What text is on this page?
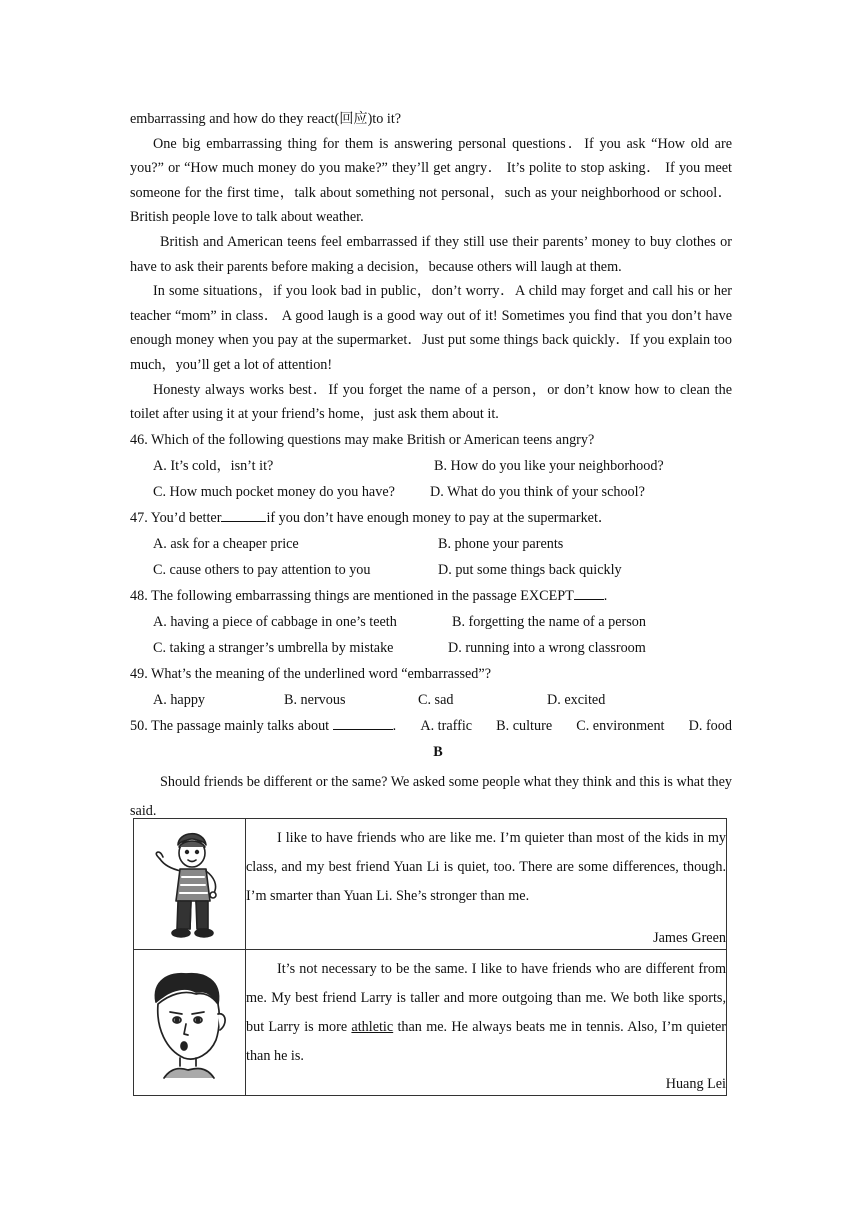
embarrassing and how do they react(回应)to it?

One big embarrassing thing for them is answering personal questions．If you ask “How old are you?” or “How much money do you make?” they’ll get angry． It’s polite to stop asking． If you meet someone for the first time，talk about something not personal，such as your neighborhood or school． British people love to talk about weather.

British and American teens feel embarrassed if they still use their parents’ money to buy clothes or have to ask their parents before making a decision，because others will laugh at them.

In some situations，if you look bad in public，don’t worry．A child may forget and call his or her teacher “mom” in class． A good laugh is a good way out of it! Sometimes you find that you don’t have enough money when you pay at the supermarket．Just put some things back quickly．If you explain too much，you’ll get a lot of attention!

Honesty always works best．If you forget the name of a person，or don’t know how to clean the toilet after using it at your friend’s home，just ask them about it.

46. Which of the following questions may make British or American teens angry?

A. It’s cold，isn’t it?	B. How do you like your neighborhood?
C. How much pocket money do you have? D. What do you think of your school?

47. You’d better	if you don’t have enough money to pay at the supermarket．

A. ask for a cheaper price	B. phone your parents
C. cause others to pay attention to you	D. put some things back quickly

48. The following embarrassing things are mentioned in the passage EXCEPT .

A. having a piece of cabbage in one’s teeth	B. forgetting the name of a person
C. taking a stranger’s umbrella by mistake	D. running into a wrong classroom

49. What’s the meaning of the underlined word “embarrassed”?

A. happy	B. nervous	C. sad	D. excited
50. The passage mainly talks about	. A. traffic B. culture C. environment D. food

B

Should friends be different or the same? We asked some people what they think and this is what they said.

I like to have friends who are like me. I’m quieter than most of the kids in my class, and my best friend Yuan Li is quiet, too. There are some differences, though. I’m smarter than Yuan Li. She’s stronger than me.

James Green

It’s not necessary to be the same. I like to have friends who are different from me. My best friend Larry is taller and more outgoing than me. We both like sports, but Larry is more athletic than me. He always beats me in tennis. Also, I’m quieter than he is.

Huang Lei
